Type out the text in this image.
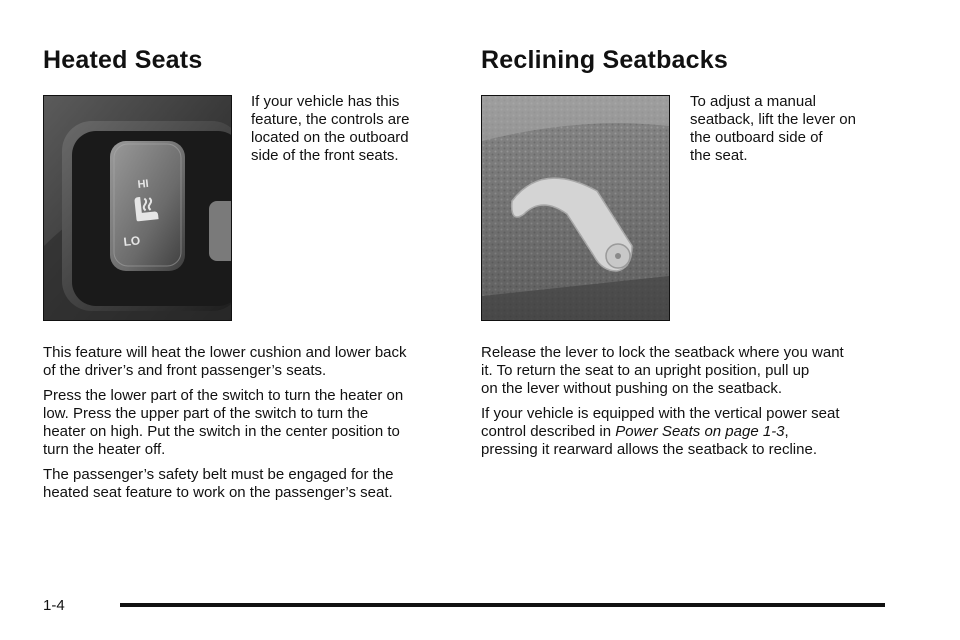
Heated Seats
HI
LO

If your vehicle has this
feature, the controls are
located on the outboard
side of the front seats.

This feature will heat the lower cushion and lower back
of the driver’s and front passenger’s seats.

Press the lower part of the switch to turn the heater on
low. Press the upper part of the switch to turn the
heater on high. Put the switch in the center position to
turn the heater off.

The passenger’s safety belt must be engaged for the
heated seat feature to work on the passenger’s seat.

Reclining Seatbacks

To adjust a manual
seatback, lift the lever on
the outboard side of
the seat.

Release the lever to lock the seatback where you want
it. To return the seat to an upright position, pull up
on the lever without pushing on the seatback.

If your vehicle is equipped with the vertical power seat
control described in Power Seats on page 1-3,
pressing it rearward allows the seatback to recline.

1-4
